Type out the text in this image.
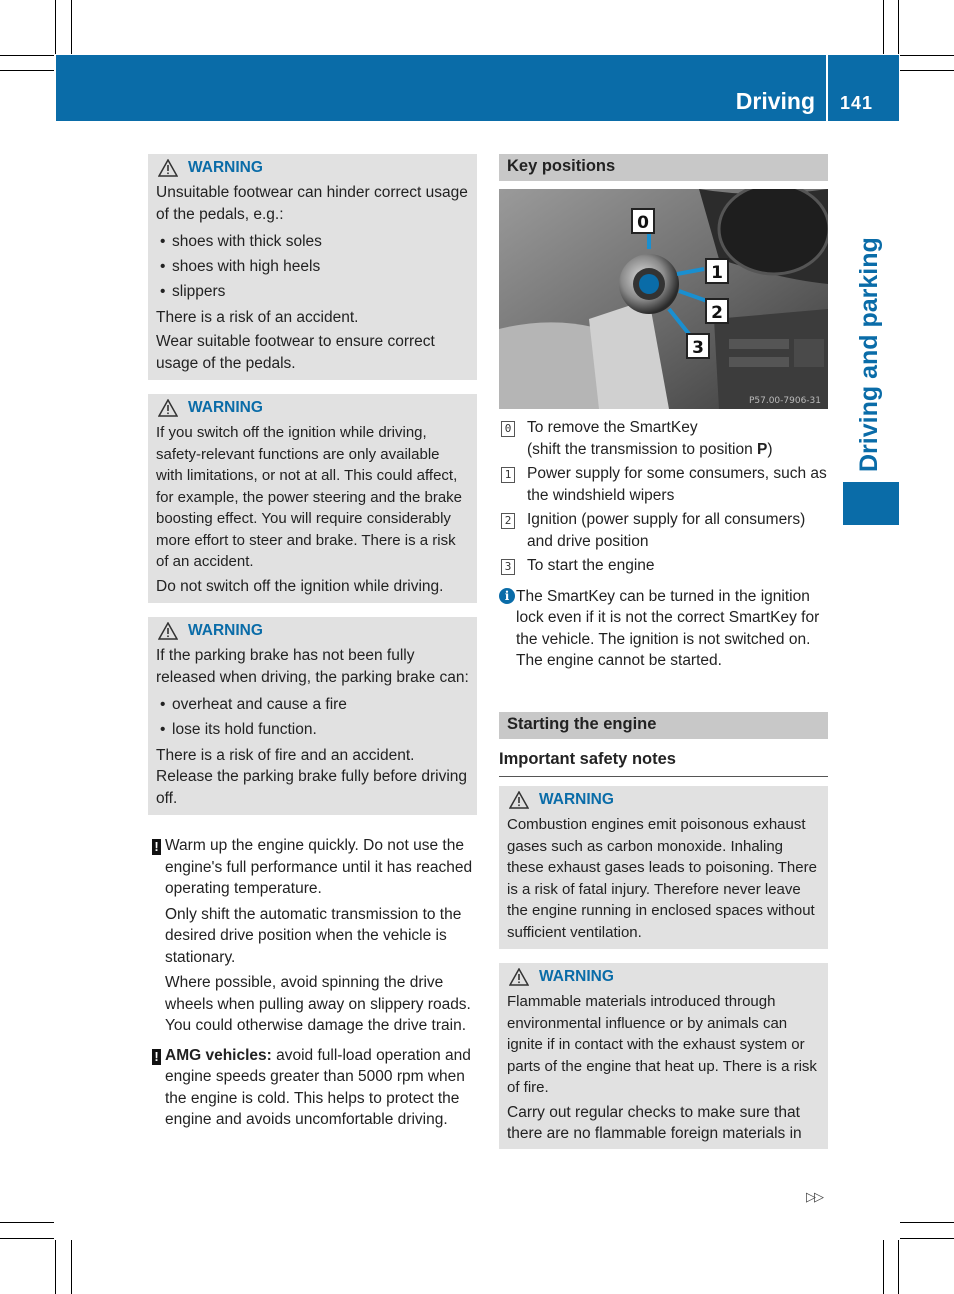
Driving 141
Driving and parking
WARNING

Unsuitable footwear can hinder correct usage of the pedals, e.g.:

• shoes with thick soles
• shoes with high heels
• slippers

There is a risk of an accident.

Wear suitable footwear to ensure correct usage of the pedals.

WARNING

If you switch off the ignition while driving, safety-relevant functions are only available with limitations, or not at all. This could affect, for example, the power steering and the brake boosting effect. You will require considerably more effort to steer and brake. There is a risk of an accident.

Do not switch off the ignition while driving.

WARNING

If the parking brake has not been fully released when driving, the parking brake can:

• overheat and cause a fire
• lose its hold function.

There is a risk of fire and an accident. Release the parking brake fully before driving off.

! Warm up the engine quickly. Do not use the engine's full performance until it has reached operating temperature.

Only shift the automatic transmission to the desired drive position when the vehicle is stationary.

Where possible, avoid spinning the drive wheels when pulling away on slippery roads. You could otherwise damage the drive train.

! AMG vehicles: avoid full-load operation and engine speeds greater than 5000 rpm when the engine is cold. This helps to protect the engine and avoids uncomfortable driving.

Key positions
0
1
2
3
P57.00-7906-31
0 To remove the SmartKey
(shift the transmission to position P)
1 Power supply for some consumers, such as the windshield wipers
2 Ignition (power supply for all consumers) and drive position
3 To start the engine
i The SmartKey can be turned in the ignition lock even if it is not the correct SmartKey for the vehicle. The ignition is not switched on. The engine cannot be started.
Starting the engine
Important safety notes
WARNING

Combustion engines emit poisonous exhaust gases such as carbon monoxide. Inhaling these exhaust gases leads to poisoning. There is a risk of fatal injury. Therefore never leave the engine running in enclosed spaces without sufficient ventilation.

WARNING

Flammable materials introduced through environmental influence or by animals can ignite if in contact with the exhaust system or parts of the engine that heat up. There is a risk of fire.

Carry out regular checks to make sure that there are no flammable foreign materials in

▷▷
